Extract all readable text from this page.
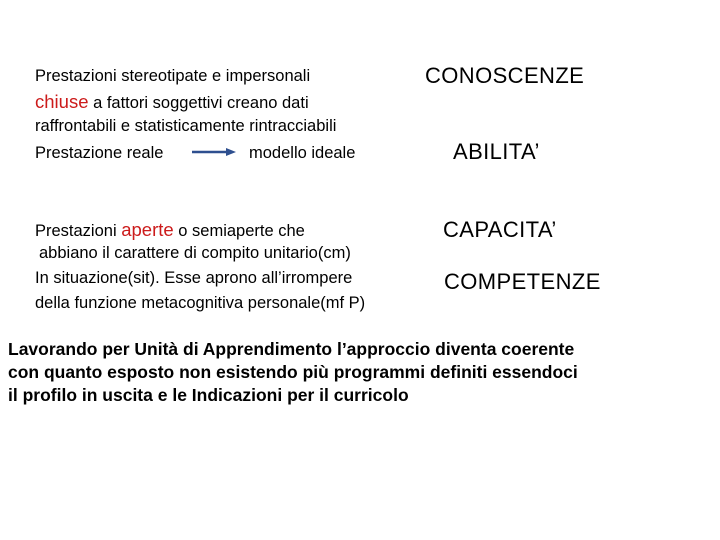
Prestazioni stereotipate e impersonali
chiuse a fattori soggettivi creano dati
raffrontabili e statisticamente rintracciabili
Prestazione reale	modello ideale
Prestazioni aperte o semiaperte che
abbiano il carattere di compito unitario(cm)
In situazione(sit). Esse aprono all’irrompere
della funzione metacognitiva personale(mf P)
CONOSCENZE
ABILITA’
CAPACITA’
COMPETENZE
Lavorando per Unità di Apprendimento l’approccio diventa coerente
con quanto esposto non esistendo più programmi definiti essendoci
il profilo in uscita e le Indicazioni per il curricolo
